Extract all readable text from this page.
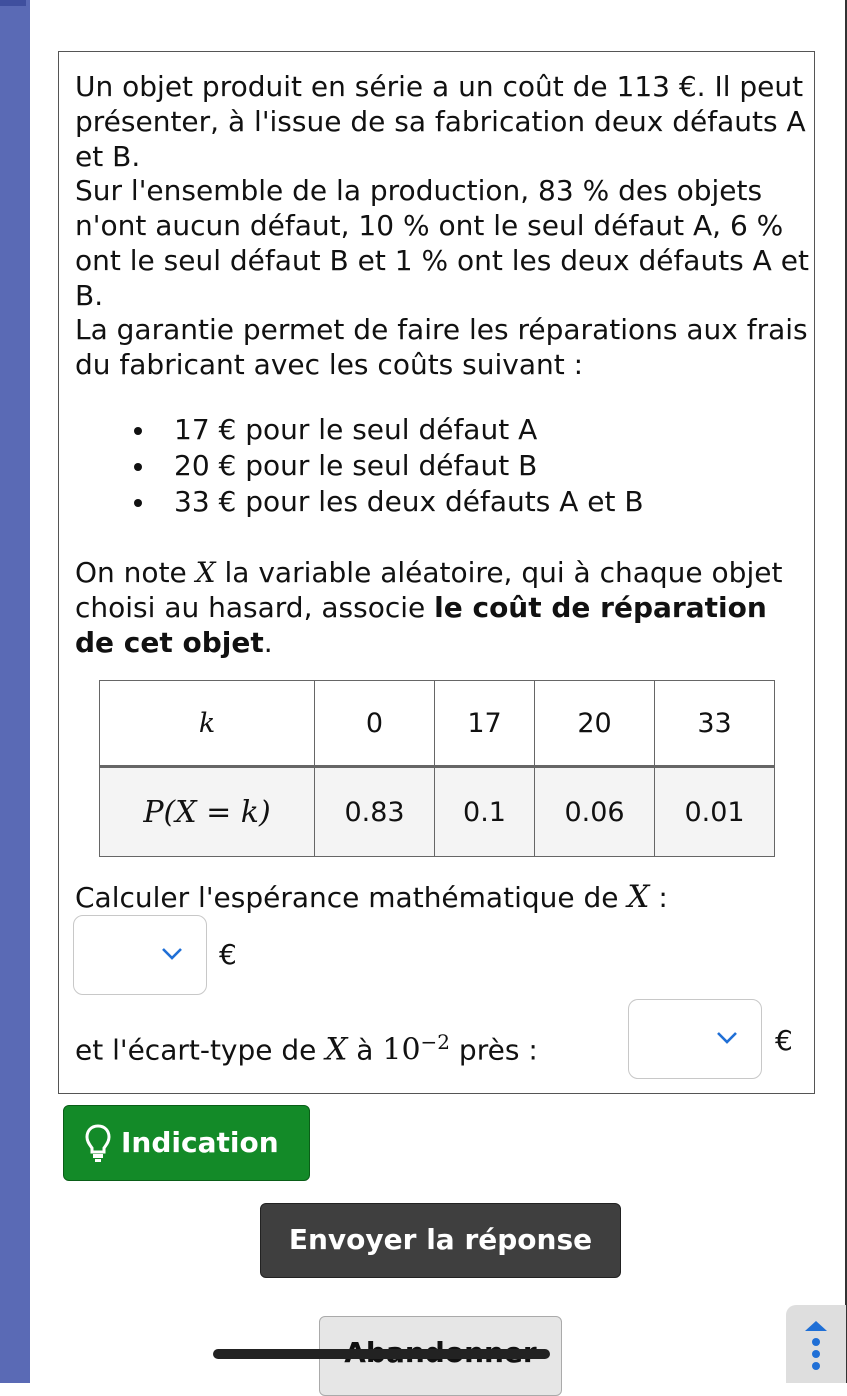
Un objet produit en série a un coût de 113 €. Il peut présenter, à l'issue de sa fabrication deux défauts A et B.

Sur l'ensemble de la production, 83 % des objets n'ont aucun défaut, 10 % ont le seul défaut A, 6 % ont le seul défaut B et 1 % ont les deux défauts A et B.

La garantie permet de faire les réparations aux frais du fabricant avec les coûts suivant :

17 € pour le seul défaut A
20 € pour le seul défaut B
33 € pour les deux défauts A et B

On note X la variable aléatoire, qui à chaque objet choisi au hasard, associe le coût de réparation de cet objet.

k	0	17	20	33
P(X = k)	0.83	0.1	0.06	0.01

Calculer l'espérance mathématique de X :

€

et l'écart-type de X à $10^{-2}$ près :	€
Indication
Envoyer la réponse
